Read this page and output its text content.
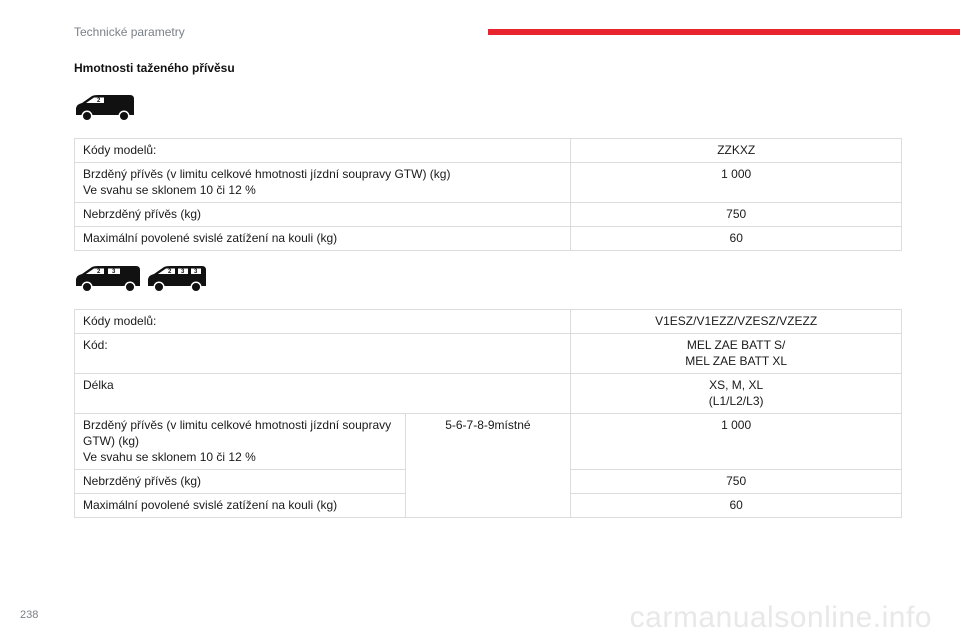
Technické parametry
Hmotnosti taženého přívěsu
2
Kódy modelů:	ZZKXZ

Brzděný přívěs (v limitu celkové hmotnosti jízdní soupravy GTW) (kg)
Ve svahu se sklonem 10 či 12 %	1 000

Nebrzděný přívěs (kg)	750

Maximální povolené svislé zatížení na kouli (kg)	60
2 3	2 3 3
Kódy modelů:		V1ESZ/V1EZZ/VZESZ/VZEZZ

Kód:		MEL ZAE BATT S/
MEL ZAE BATT XL

Délka		XS, M, XL
(L1/L2/L3)

Brzděný přívěs (v limitu celkové hmotnosti jízdní soupravy
GTW) (kg)
Ve svahu se sklonem 10 či 12 %	5-6-7-8-9místné	1 000

Nebrzděný přívěs (kg)		750

Maximální povolené svislé zatížení na kouli (kg)		60
238	carmanualsonline.info
